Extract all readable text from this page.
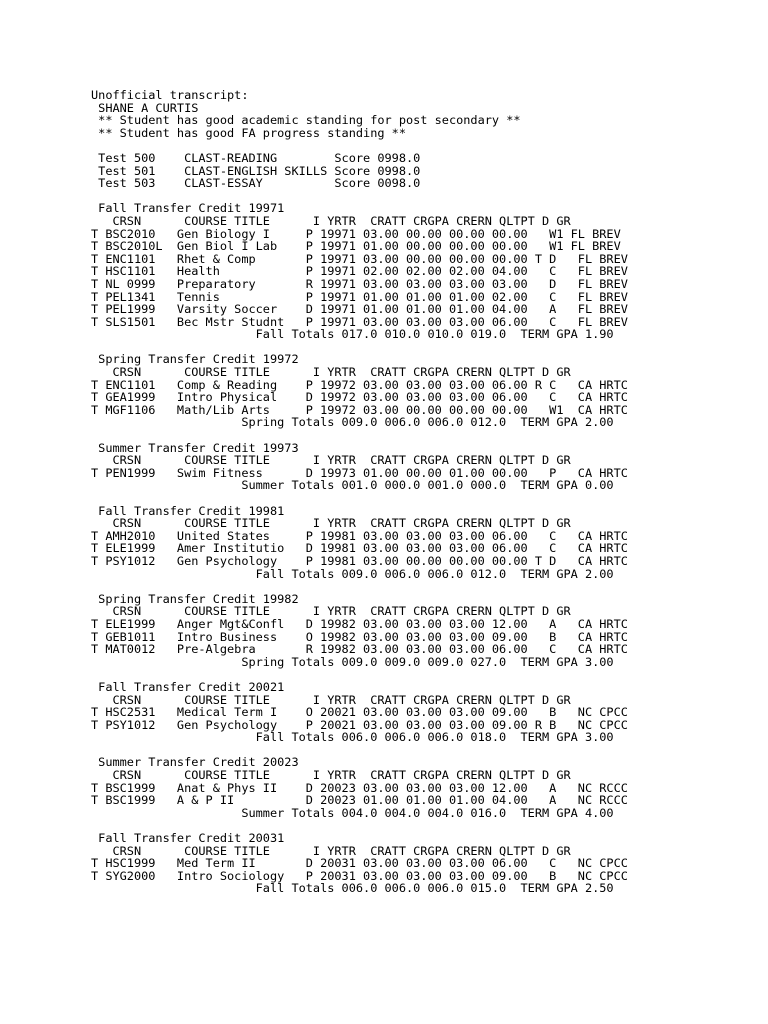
Unofficial transcript:
SHANE A CURTIS
** Student has good academic standing for post secondary **
** Student has good FA progress standing **
Test 500    CLAST-READING        Score 0998.0
Test 501    CLAST-ENGLISH SKILLS Score 0998.0
Test 503    CLAST-ESSAY          Score 0098.0
Fall Transfer Credit 19971
CRSN      COURSE TITLE      I YRTR  CRATT CRGPA CRERN QLTPT D GR
T BSC2010   Gen Biology I     P 19971 03.00 00.00 00.00 00.00   W1 FL BREV
T BSC2010L  Gen Biol I Lab    P 19971 01.00 00.00 00.00 00.00   W1 FL BREV
T ENC1101   Rhet & Comp       P 19971 03.00 00.00 00.00 00.00 T D   FL BREV
T HSC1101   Health            P 19971 02.00 02.00 02.00 04.00   C   FL BREV
T NL 0999   Preparatory       R 19971 03.00 03.00 03.00 03.00   D   FL BREV
T PEL1341   Tennis            P 19971 01.00 01.00 01.00 02.00   C   FL BREV
T PEL1999   Varsity Soccer    D 19971 01.00 01.00 01.00 04.00   A   FL BREV
T SLS1501   Bec Mstr Studnt   P 19971 03.00 03.00 03.00 06.00   C   FL BREV
Fall Totals 017.0 010.0 010.0 019.0  TERM GPA 1.90
Spring Transfer Credit 19972
CRSN      COURSE TITLE      I YRTR  CRATT CRGPA CRERN QLTPT D GR
T ENC1101   Comp & Reading    P 19972 03.00 03.00 03.00 06.00 R C   CA HRTC
T GEA1999   Intro Physical    D 19972 03.00 03.00 03.00 06.00   C   CA HRTC
T MGF1106   Math/Lib Arts     P 19972 03.00 00.00 00.00 00.00   W1  CA HRTC
Spring Totals 009.0 006.0 006.0 012.0  TERM GPA 2.00
Summer Transfer Credit 19973
CRSN      COURSE TITLE      I YRTR  CRATT CRGPA CRERN QLTPT D GR
T PEN1999   Swim Fitness      D 19973 01.00 00.00 01.00 00.00   P   CA HRTC
Summer Totals 001.0 000.0 001.0 000.0  TERM GPA 0.00
Fall Transfer Credit 19981
CRSN      COURSE TITLE      I YRTR  CRATT CRGPA CRERN QLTPT D GR
T AMH2010   United States     P 19981 03.00 03.00 03.00 06.00   C   CA HRTC
T ELE1999   Amer Institutio   D 19981 03.00 03.00 03.00 06.00   C   CA HRTC
T PSY1012   Gen Psychology    P 19981 03.00 00.00 00.00 00.00 T D   CA HRTC
Fall Totals 009.0 006.0 006.0 012.0  TERM GPA 2.00
Spring Transfer Credit 19982
CRSN      COURSE TITLE      I YRTR  CRATT CRGPA CRERN QLTPT D GR
T ELE1999   Anger Mgt&Confl   D 19982 03.00 03.00 03.00 12.00   A   CA HRTC
T GEB1011   Intro Business    O 19982 03.00 03.00 03.00 09.00   B   CA HRTC
T MAT0012   Pre-Algebra       R 19982 03.00 03.00 03.00 06.00   C   CA HRTC
Spring Totals 009.0 009.0 009.0 027.0  TERM GPA 3.00
Fall Transfer Credit 20021
CRSN      COURSE TITLE      I YRTR  CRATT CRGPA CRERN QLTPT D GR
T HSC2531   Medical Term I    O 20021 03.00 03.00 03.00 09.00   B   NC CPCC
T PSY1012   Gen Psychology    P 20021 03.00 03.00 03.00 09.00 R B   NC CPCC
Fall Totals 006.0 006.0 006.0 018.0  TERM GPA 3.00
Summer Transfer Credit 20023
CRSN      COURSE TITLE      I YRTR  CRATT CRGPA CRERN QLTPT D GR
T BSC1999   Anat & Phys II    D 20023 03.00 03.00 03.00 12.00   A   NC RCCC
T BSC1999   A & P II          D 20023 01.00 01.00 01.00 04.00   A   NC RCCC
Summer Totals 004.0 004.0 004.0 016.0  TERM GPA 4.00
Fall Transfer Credit 20031
CRSN      COURSE TITLE      I YRTR  CRATT CRGPA CRERN QLTPT D GR
T HSC1999   Med Term II       D 20031 03.00 03.00 03.00 06.00   C   NC CPCC
T SYG2000   Intro Sociology   P 20031 03.00 03.00 03.00 09.00   B   NC CPCC
Fall Totals 006.0 006.0 006.0 015.0  TERM GPA 2.50
